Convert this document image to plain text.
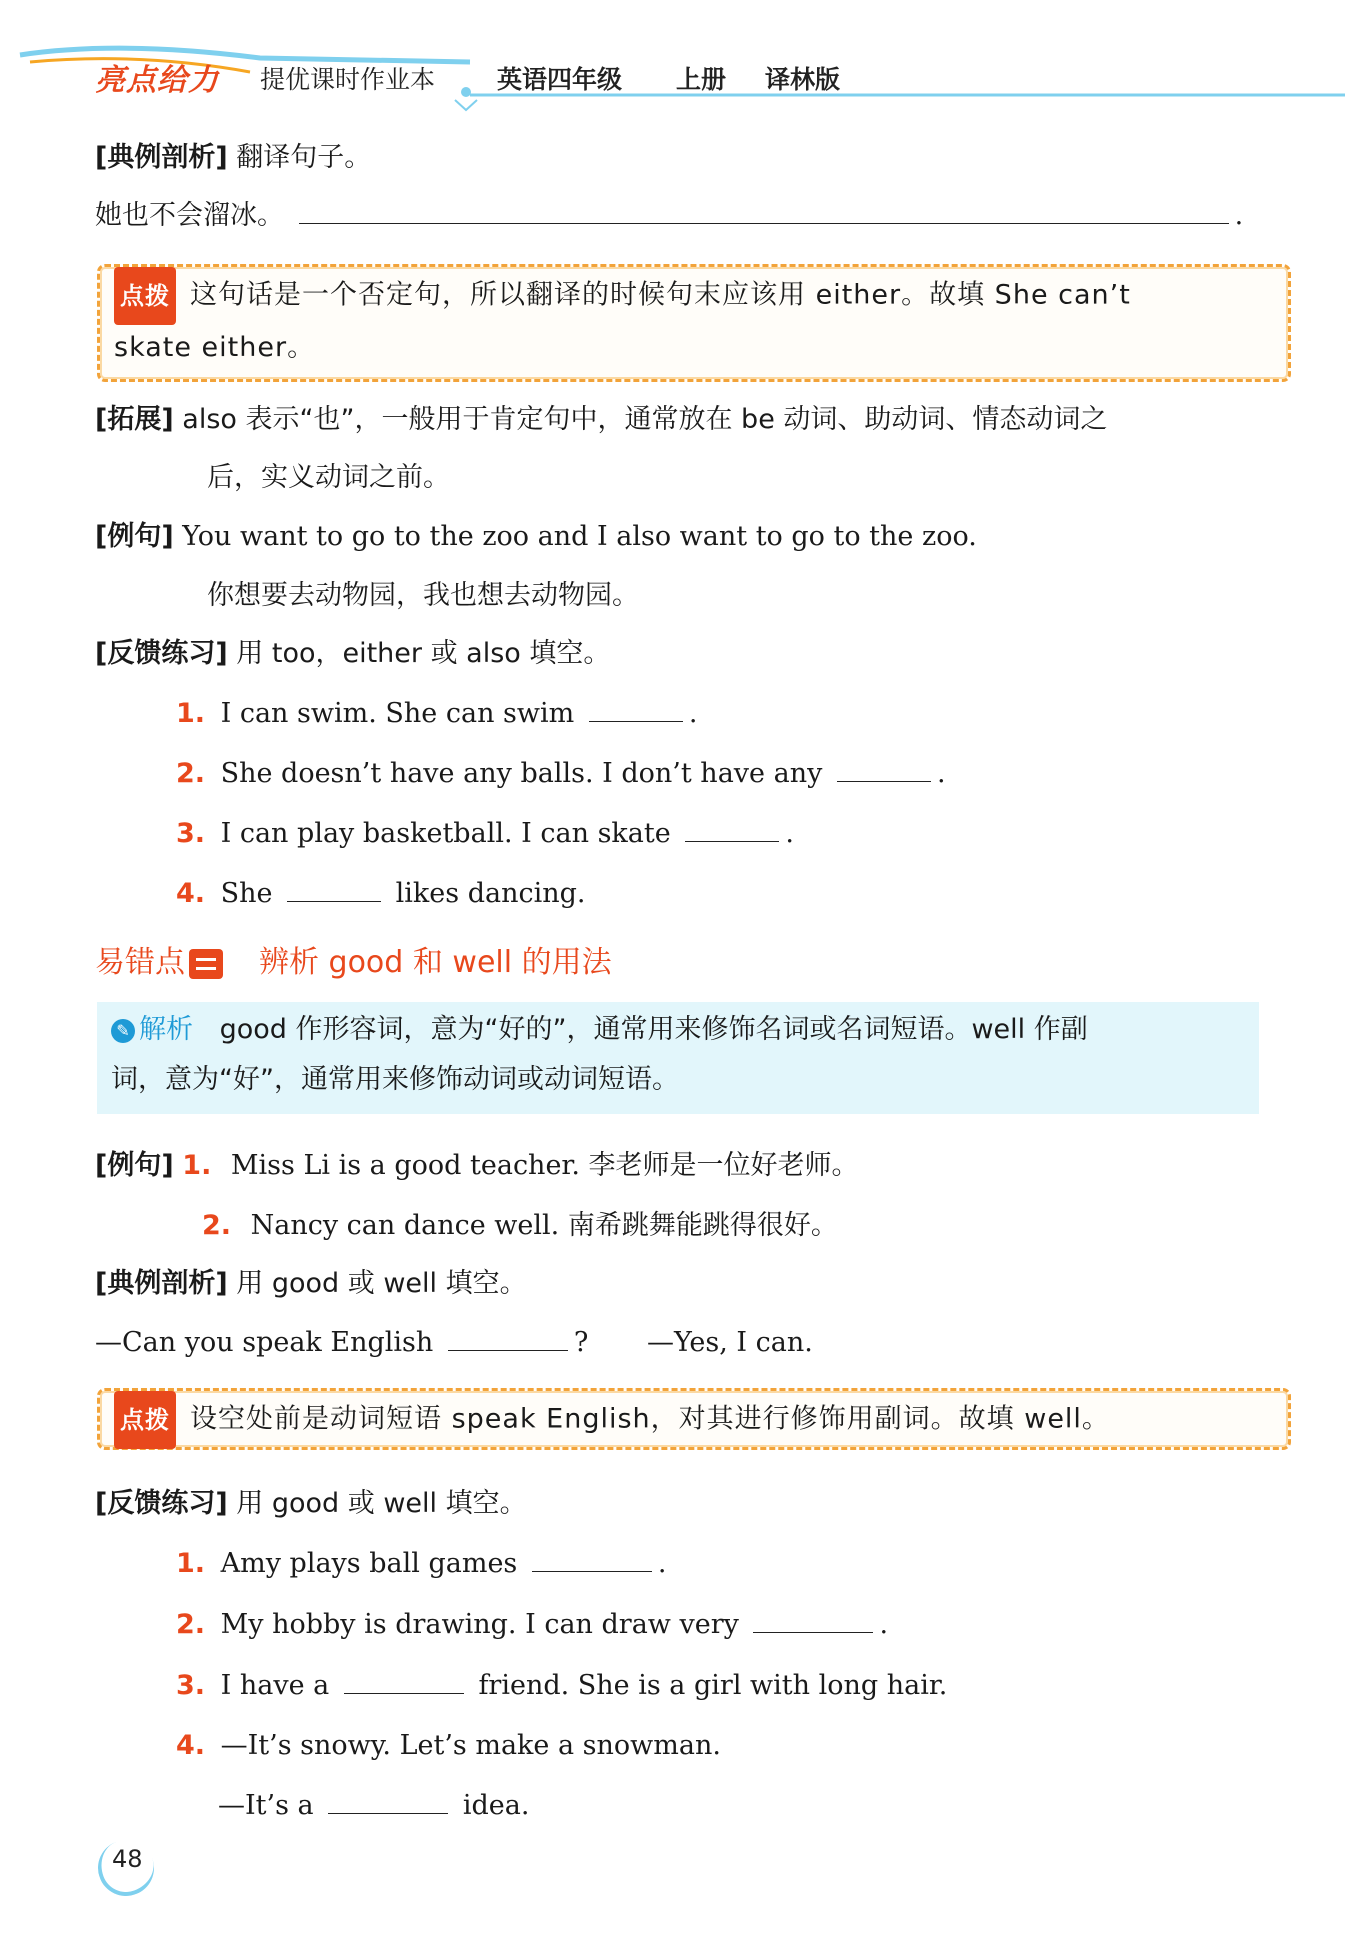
亮点给力 提优课时作业本 英语四年级 上册 译林版
[典例剖析] 翻译句子。
她也不会溜冰。	.
点拨 这句话是一个否定句，所以翻译的时候句末应该用 either。故填 She can’t
skate either。
[拓展] also 表示“也”，一般用于肯定句中，通常放在 be 动词、助动词、情态动词之
后，实义动词之前。
[例句] You want to go to the zoo and I also want to go to the zoo.
你想要去动物园，我也想去动物园。
[反馈练习] 用 too，either 或 also 填空。
1. I can swim. She can swim	.
2. She doesn’t have any balls. I don’t have any	.
3. I can play basketball. I can skate	.
4. She	likes dancing.
易错点 辨析 good 和 well 的用法
✎ 解析 good 作形容词，意为“好的”，通常用来修饰名词或名词短语。well 作副
词，意为“好”，通常用来修饰动词或动词短语。
[例句] 1. Miss Li is a good teacher. 李老师是一位好老师。
2. Nancy can dance well. 南希跳舞能跳得很好。
[典例剖析] 用 good 或 well 填空。
—Can you speak English	? —Yes, I can.
点拨 设空处前是动词短语 speak English，对其进行修饰用副词。故填 well。
[反馈练习] 用 good 或 well 填空。
1. Amy plays ball games	.
2. My hobby is drawing. I can draw very	.
3. I have a	friend. She is a girl with long hair.
4. —It’s snowy. Let’s make a snowman.
—It’s a	idea.
48
